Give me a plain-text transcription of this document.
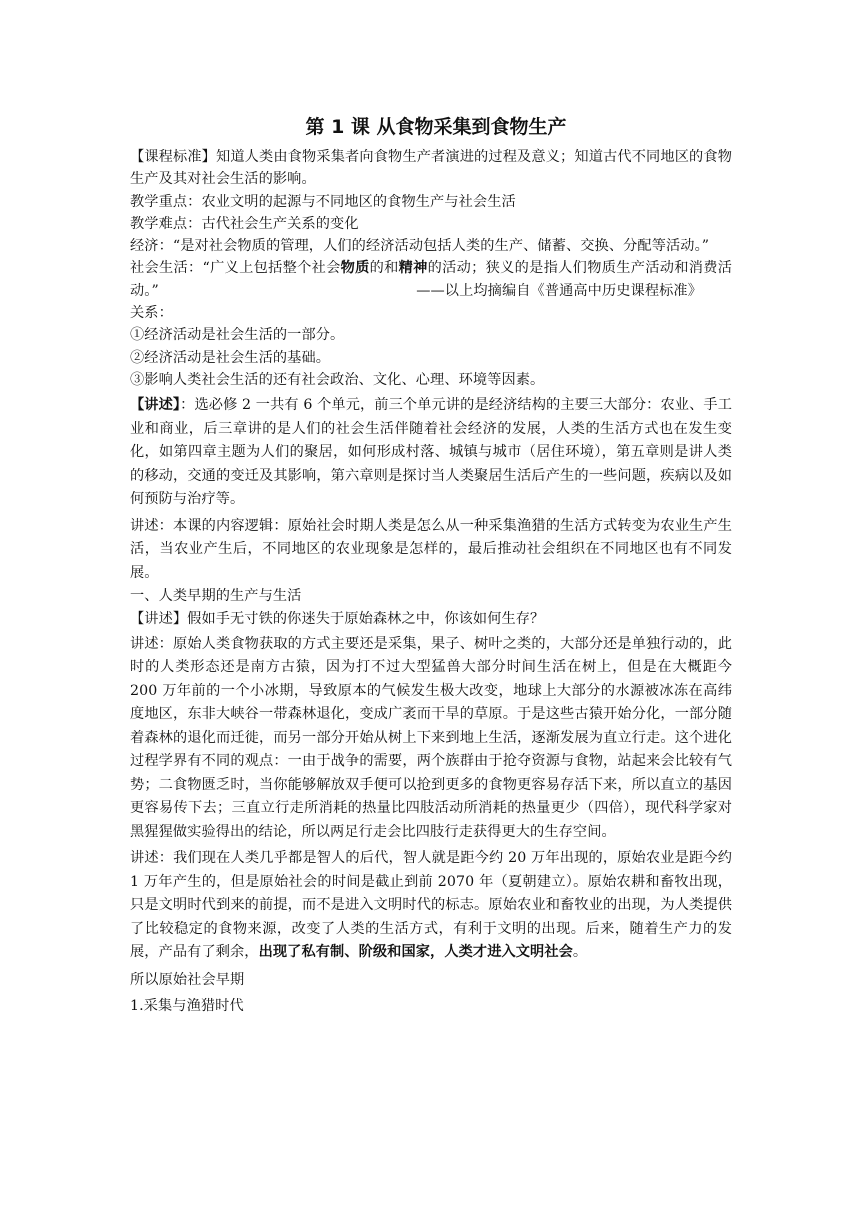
第 1 课 从食物采集到食物生产

【课程标准】知道人类由食物采集者向食物生产者演进的过程及意义；知道古代不同地区的食物生产及其对社会生活的影响。

教学重点：农业文明的起源与不同地区的食物生产与社会生活

教学难点：古代社会生产关系的变化

经济：“是对社会物质的管理，人们的经济活动包括人类的生产、储蓄、交换、分配等活动。”

社会生活：“广义上包括整个社会物质的和精神的活动；狭义的是指人们物质生产活动和消费活动。”	——以上均摘编自《普通高中历史课程标准》

关系：

①经济活动是社会生活的一部分。

②经济活动是社会生活的基础。

③影响人类社会生活的还有社会政治、文化、心理、环境等因素。

【讲述】：选必修 2 一共有 6 个单元，前三个单元讲的是经济结构的主要三大部分：农业、手工业和商业，后三章讲的是人们的社会生活伴随着社会经济的发展，人类的生活方式也在发生变化，如第四章主题为人们的聚居，如何形成村落、城镇与城市（居住环境），第五章则是讲人类的移动，交通的变迁及其影响，第六章则是探讨当人类聚居生活后产生的一些问题，疾病以及如何预防与治疗等。

讲述：本课的内容逻辑：原始社会时期人类是怎么从一种采集渔猎的生活方式转变为农业生产生活，当农业产生后，不同地区的农业现象是怎样的，最后推动社会组织在不同地区也有不同发展。

一、人类早期的生产与生活

【讲述】假如手无寸铁的你迷失于原始森林之中，你该如何生存？

讲述：原始人类食物获取的方式主要还是采集，果子、树叶之类的，大部分还是单独行动的，此时的人类形态还是南方古猿，因为打不过大型猛兽大部分时间生活在树上，但是在大概距今 200 万年前的一个小冰期，导致原本的气候发生极大改变，地球上大部分的水源被冰冻在高纬度地区，东非大峡谷一带森林退化，变成广袤而干旱的草原。于是这些古猿开始分化，一部分随着森林的退化而迁徙，而另一部分开始从树上下来到地上生活，逐渐发展为直立行走。这个进化过程学界有不同的观点：一由于战争的需要，两个族群由于抢夺资源与食物，站起来会比较有气势；二食物匮乏时，当你能够解放双手便可以抢到更多的食物更容易存活下来，所以直立的基因更容易传下去；三直立行走所消耗的热量比四肢活动所消耗的热量更少（四倍），现代科学家对黑猩猩做实验得出的结论，所以两足行走会比四肢行走获得更大的生存空间。

讲述：我们现在人类几乎都是智人的后代，智人就是距今约 20 万年出现的，原始农业是距今约 1 万年产生的，但是原始社会的时间是截止到前 2070 年（夏朝建立）。原始农耕和畜牧出现，只是文明时代到来的前提，而不是进入文明时代的标志。原始农业和畜牧业的出现，为人类提供了比较稳定的食物来源，改变了人类的生活方式，有利于文明的出现。后来，随着生产力的发展，产品有了剩余，出现了私有制、阶级和国家，人类才进入文明社会。

所以原始社会早期

1.采集与渔猎时代
